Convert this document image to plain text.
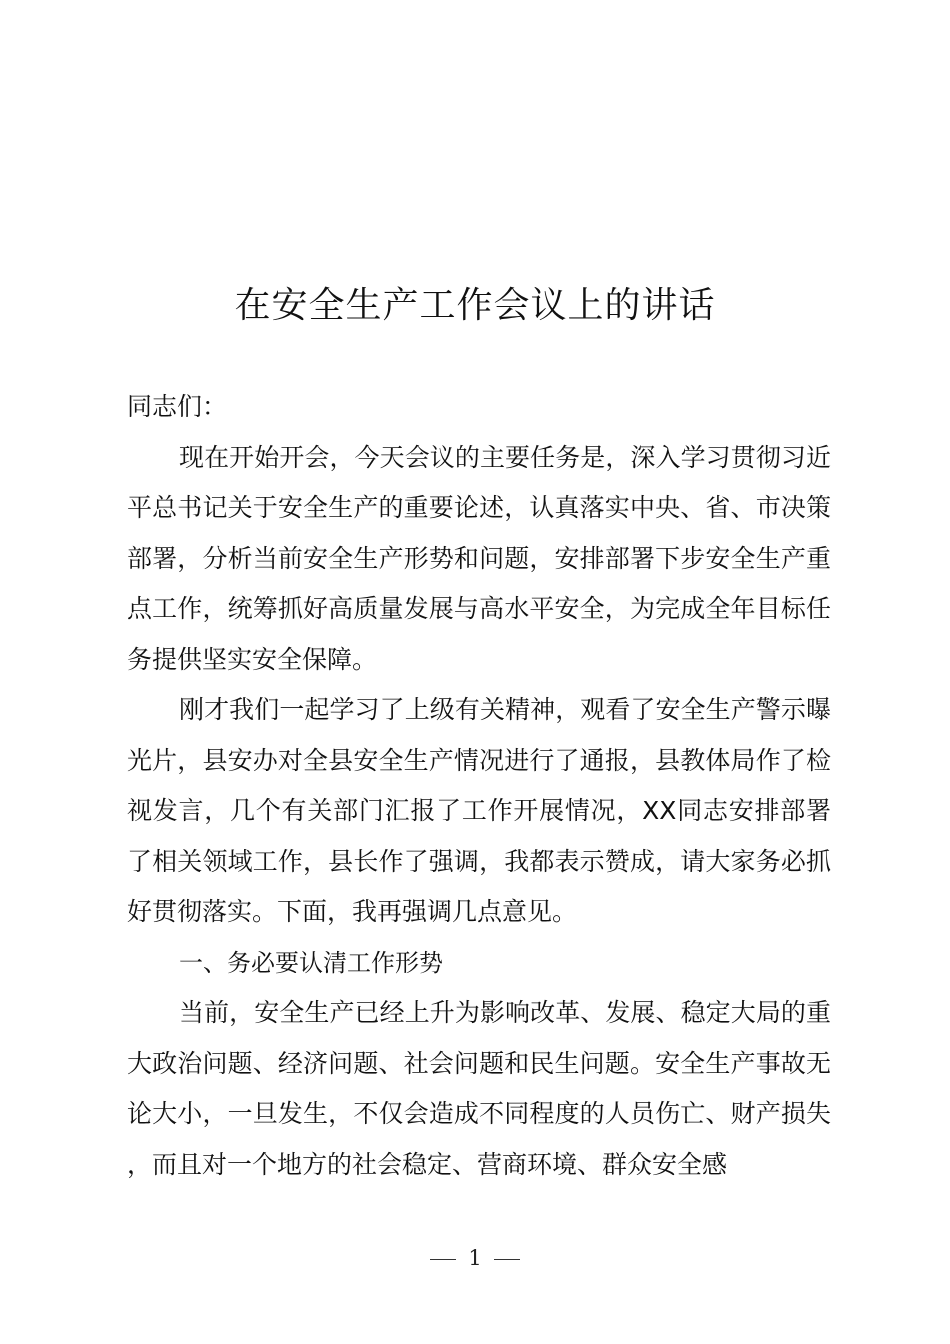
在安全生产工作会议上的讲话

同志们：

现在开始开会，今天会议的主要任务是，深入学习贯彻习近平总书记关于安全生产的重要论述，认真落实中央、省、市决策部署，分析当前安全生产形势和问题，安排部署下步安全生产重点工作，统筹抓好高质量发展与高水平安全，为完成全年目标任务提供坚实安全保障。

刚才我们一起学习了上级有关精神，观看了安全生产警示曝光片，县安办对全县安全生产情况进行了通报，县教体局作了检视发言，几个有关部门汇报了工作开展情况，XX同志安排部署了相关领域工作，县长作了强调，我都表示赞成，请大家务必抓好贯彻落实。下面，我再强调几点意见。

一、务必要认清工作形势

当前，安全生产已经上升为影响改革、发展、稳定大局的重大政治问题、经济问题、社会问题和民生问题。安全生产事故无论大小，一旦发生，不仅会造成不同程度的人员伤亡、财产损失，而且对一个地方的社会稳定、营商环境、群众安全感

1
